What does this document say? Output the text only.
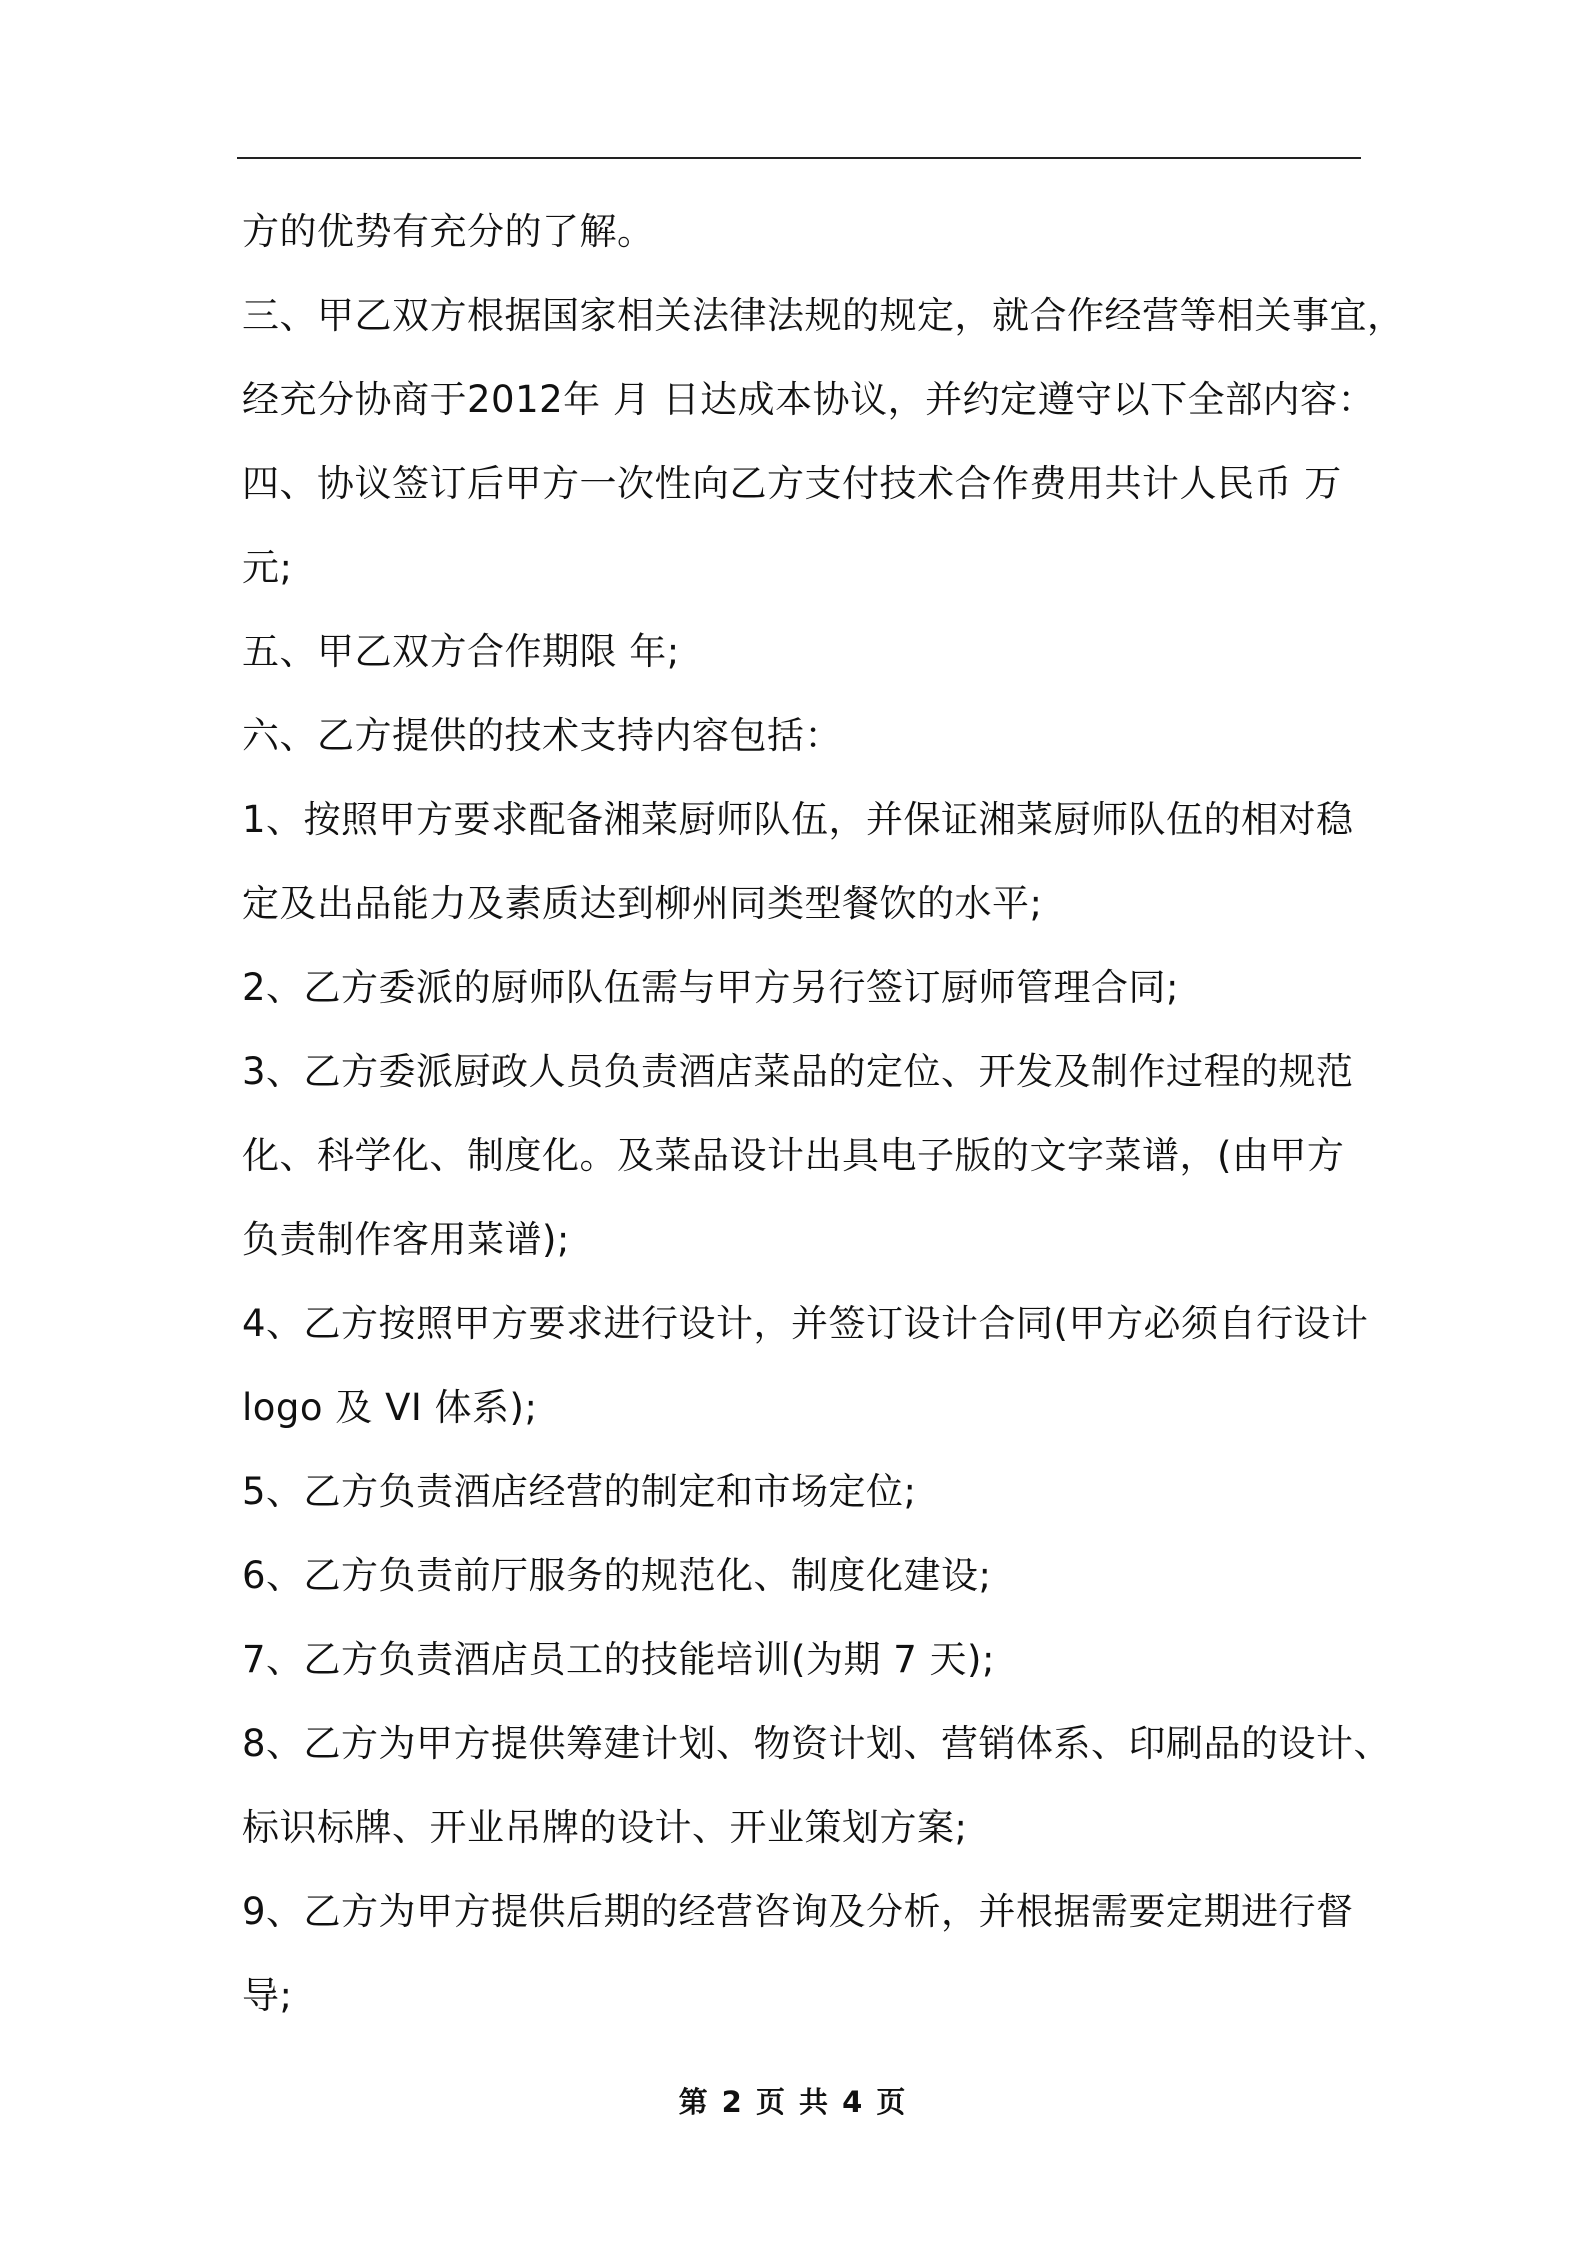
方的优势有充分的了解。
三、甲乙双方根据国家相关法律法规的规定，就合作经营等相关事宜，
经充分协商于2012年 月 日达成本协议，并约定遵守以下全部内容：
四、协议签订后甲方一次性向乙方支付技术合作费用共计人民币 万
元;
五、甲乙双方合作期限 年;
六、乙方提供的技术支持内容包括：
1、按照甲方要求配备湘菜厨师队伍，并保证湘菜厨师队伍的相对稳
定及出品能力及素质达到柳州同类型餐饮的水平;
2、乙方委派的厨师队伍需与甲方另行签订厨师管理合同;
3、乙方委派厨政人员负责酒店菜品的定位、开发及制作过程的规范
化、科学化、制度化。及菜品设计出具电子版的文字菜谱，(由甲方
负责制作客用菜谱);
4、乙方按照甲方要求进行设计，并签订设计合同(甲方必须自行设计
logo 及 VI 体系);
5、乙方负责酒店经营的制定和市场定位;
6、乙方负责前厅服务的规范化、制度化建设;
7、乙方负责酒店员工的技能培训(为期 7 天);
8、乙方为甲方提供筹建计划、物资计划、营销体系、印刷品的设计、
标识标牌、开业吊牌的设计、开业策划方案;
9、乙方为甲方提供后期的经营咨询及分析，并根据需要定期进行督
导;
第 2 页 共 4 页
